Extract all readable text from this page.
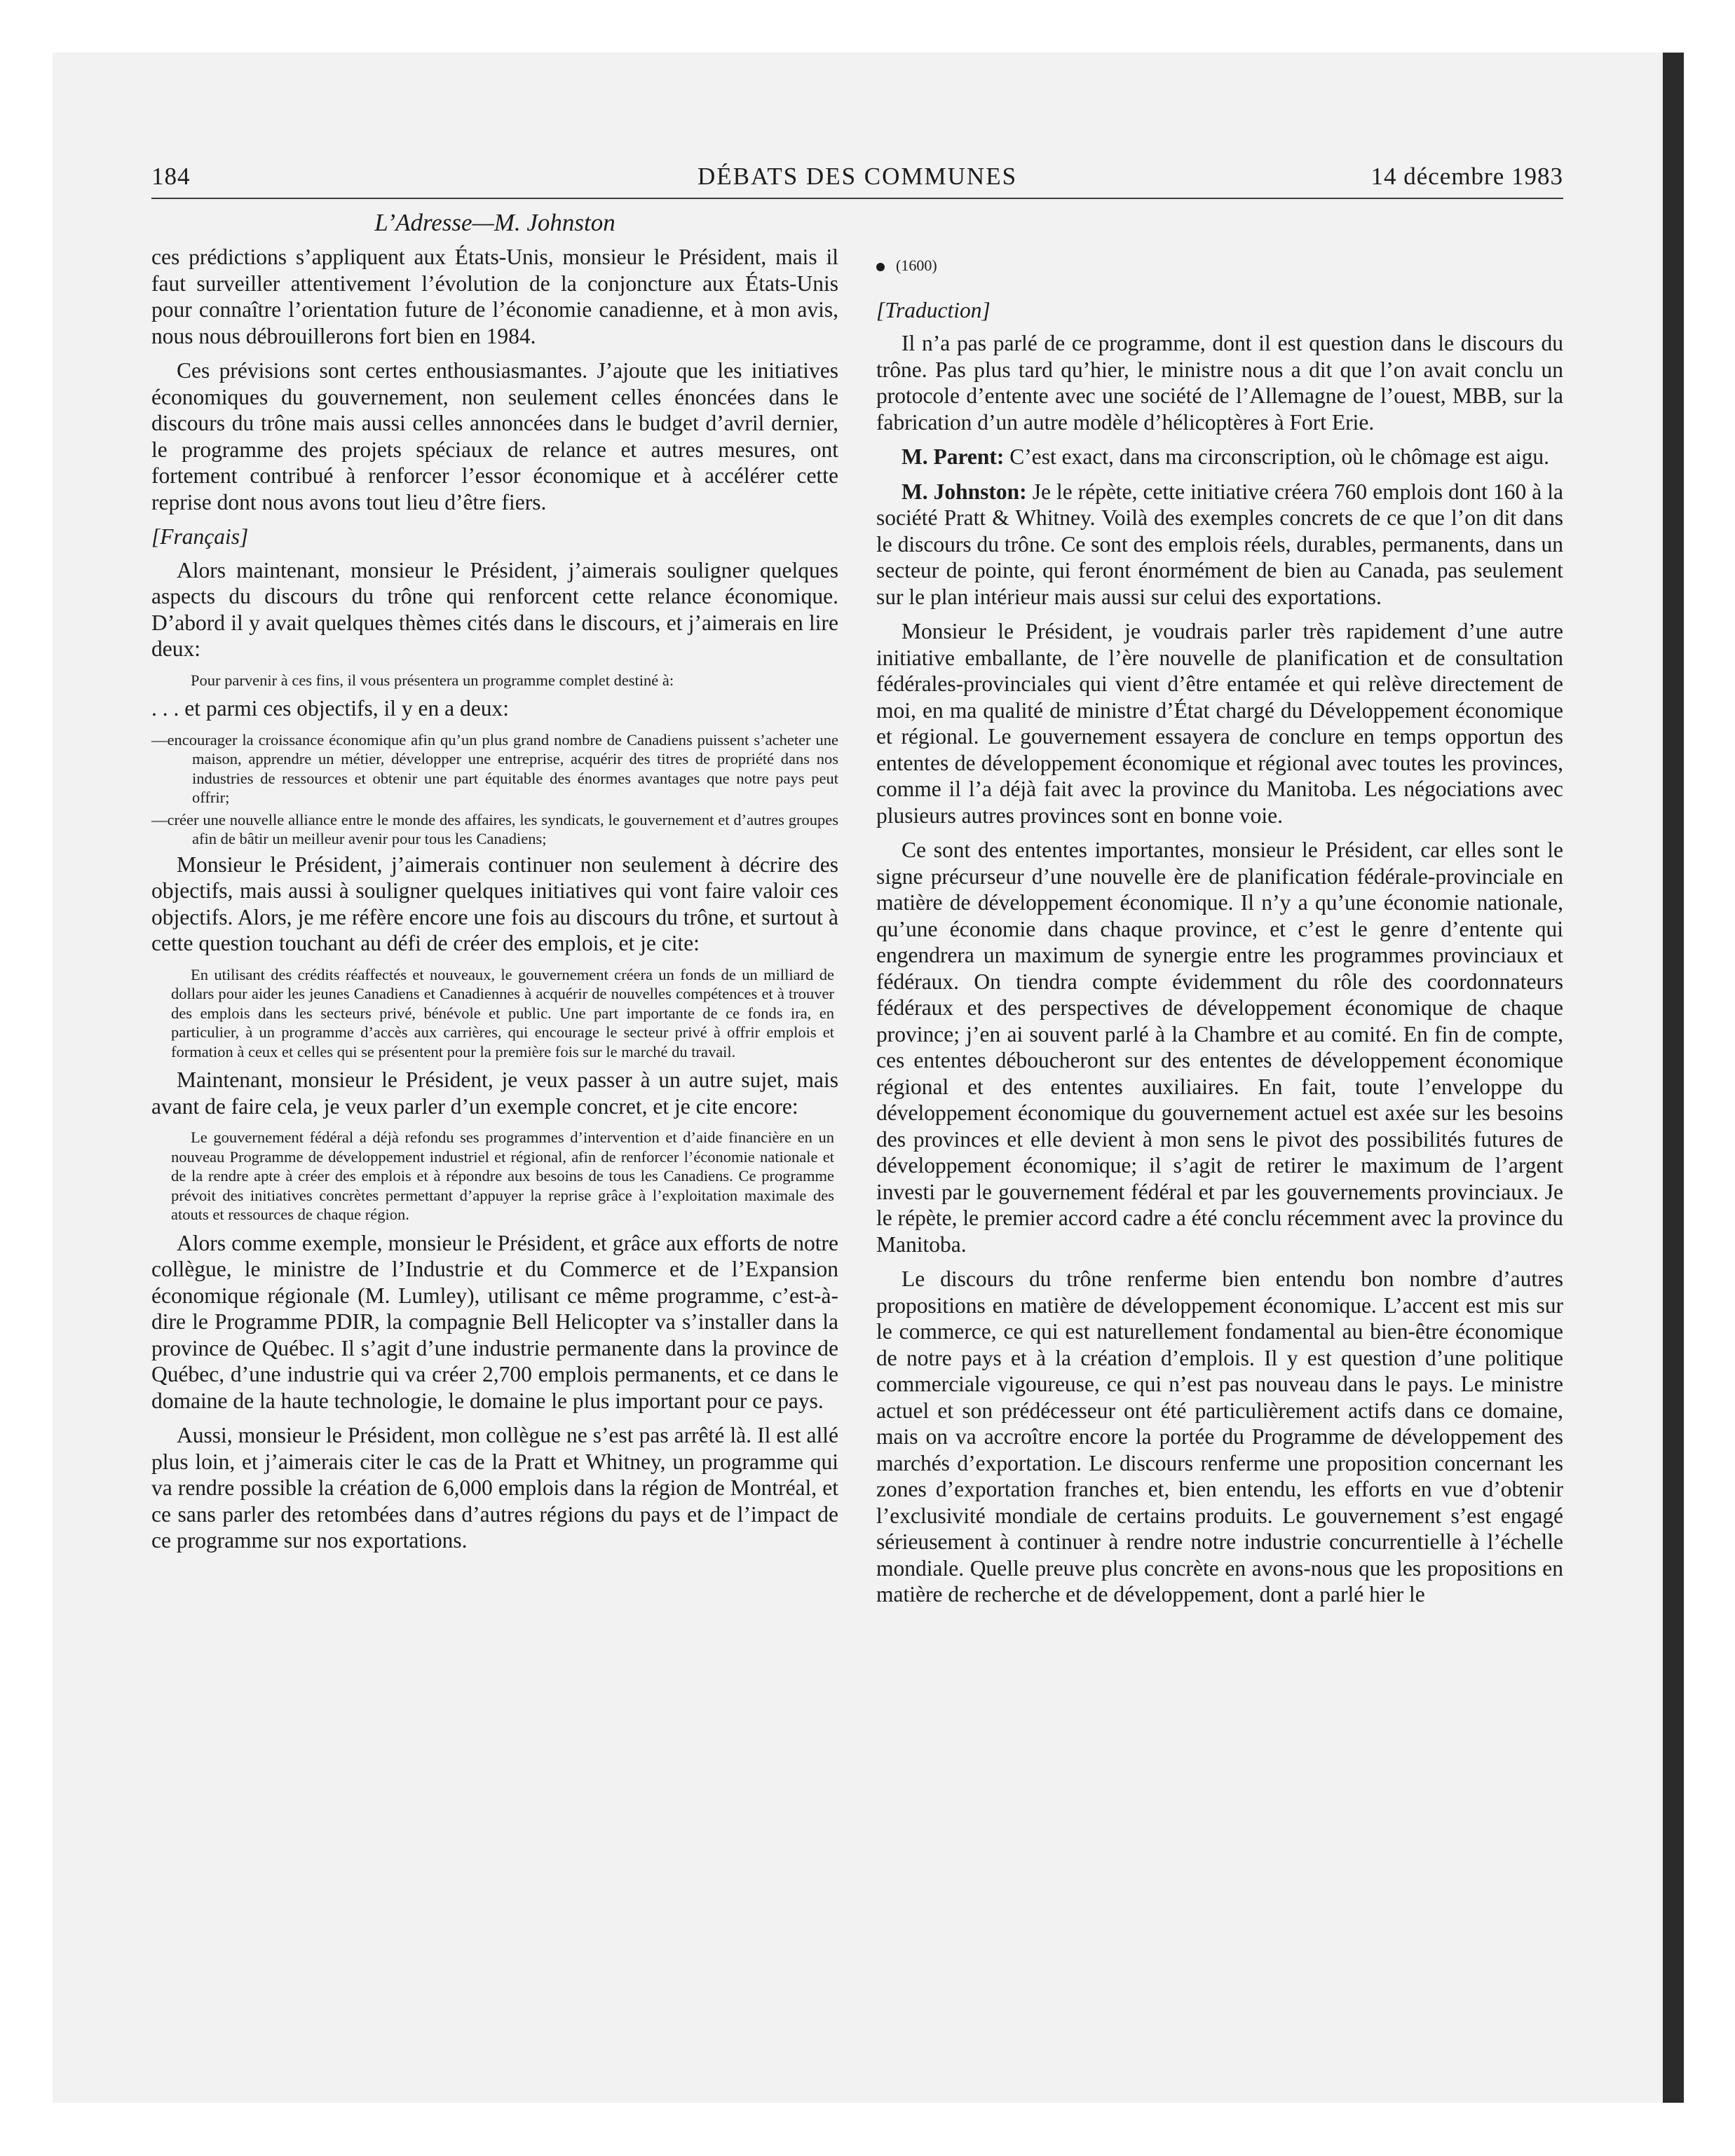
184	DÉBATS DES COMMUNES	14 décembre 1983
L’Adresse—M. Johnston

ces prédictions s’appliquent aux États-Unis, monsieur le Président, mais il faut surveiller attentivement l’évolution de la conjoncture aux États-Unis pour connaître l’orientation future de l’économie canadienne, et à mon avis, nous nous débrouillerons fort bien en 1984.

Ces prévisions sont certes enthousiasmantes. J’ajoute que les initiatives économiques du gouvernement, non seulement celles énoncées dans le discours du trône mais aussi celles annoncées dans le budget d’avril dernier, le programme des projets spéciaux de relance et autres mesures, ont fortement contribué à renforcer l’essor économique et à accélérer cette reprise dont nous avons tout lieu d’être fiers.

[Français]

Alors maintenant, monsieur le Président, j’aimerais souligner quelques aspects du discours du trône qui renforcent cette relance économique. D’abord il y avait quelques thèmes cités dans le discours, et j’aimerais en lire deux:

Pour parvenir à ces fins, il vous présentera un programme complet destiné à:

. . . et parmi ces objectifs, il y en a deux:

—encourager la croissance économique afin qu’un plus grand nombre de Canadiens puissent s’acheter une maison, apprendre un métier, développer une entreprise, acquérir des titres de propriété dans nos industries de ressources et obtenir une part équitable des énormes avantages que notre pays peut offrir;

—créer une nouvelle alliance entre le monde des affaires, les syndicats, le gouvernement et d’autres groupes afin de bâtir un meilleur avenir pour tous les Canadiens;

Monsieur le Président, j’aimerais continuer non seulement à décrire des objectifs, mais aussi à souligner quelques initiatives qui vont faire valoir ces objectifs. Alors, je me réfère encore une fois au discours du trône, et surtout à cette question touchant au défi de créer des emplois, et je cite:

En utilisant des crédits réaffectés et nouveaux, le gouvernement créera un fonds de un milliard de dollars pour aider les jeunes Canadiens et Canadiennes à acquérir de nouvelles compétences et à trouver des emplois dans les secteurs privé, bénévole et public. Une part importante de ce fonds ira, en particulier, à un programme d’accès aux carrières, qui encourage le secteur privé à offrir emplois et formation à ceux et celles qui se présentent pour la première fois sur le marché du travail.

Maintenant, monsieur le Président, je veux passer à un autre sujet, mais avant de faire cela, je veux parler d’un exemple concret, et je cite encore:

Le gouvernement fédéral a déjà refondu ses programmes d’intervention et d’aide financière en un nouveau Programme de développement industriel et régional, afin de renforcer l’économie nationale et de la rendre apte à créer des emplois et à répondre aux besoins de tous les Canadiens. Ce programme prévoit des initiatives concrètes permettant d’appuyer la reprise grâce à l’exploitation maximale des atouts et ressources de chaque région.

Alors comme exemple, monsieur le Président, et grâce aux efforts de notre collègue, le ministre de l’Industrie et du Commerce et de l’Expansion économique régionale (M. Lumley), utilisant ce même programme, c’est-à-dire le Programme PDIR, la compagnie Bell Helicopter va s’installer dans la province de Québec. Il s’agit d’une industrie permanente dans la province de Québec, d’une industrie qui va créer 2,700 emplois permanents, et ce dans le domaine de la haute technologie, le domaine le plus important pour ce pays.

Aussi, monsieur le Président, mon collègue ne s’est pas arrêté là. Il est allé plus loin, et j’aimerais citer le cas de la Pratt et Whitney, un programme qui va rendre possible la création de 6,000 emplois dans la région de Montréal, et ce sans parler des retombées dans d’autres régions du pays et de l’impact de ce programme sur nos exportations.

(1600)

[Traduction]

Il n’a pas parlé de ce programme, dont il est question dans le discours du trône. Pas plus tard qu’hier, le ministre nous a dit que l’on avait conclu un protocole d’entente avec une société de l’Allemagne de l’ouest, MBB, sur la fabrication d’un autre modèle d’hélicoptères à Fort Erie.

M. Parent: C’est exact, dans ma circonscription, où le chômage est aigu.

M. Johnston: Je le répète, cette initiative créera 760 emplois dont 160 à la société Pratt & Whitney. Voilà des exemples concrets de ce que l’on dit dans le discours du trône. Ce sont des emplois réels, durables, permanents, dans un secteur de pointe, qui feront énormément de bien au Canada, pas seulement sur le plan intérieur mais aussi sur celui des exportations.

Monsieur le Président, je voudrais parler très rapidement d’une autre initiative emballante, de l’ère nouvelle de planification et de consultation fédérales-provinciales qui vient d’être entamée et qui relève directement de moi, en ma qualité de ministre d’État chargé du Développement économique et régional. Le gouvernement essayera de conclure en temps opportun des ententes de développement économique et régional avec toutes les provinces, comme il l’a déjà fait avec la province du Manitoba. Les négociations avec plusieurs autres provinces sont en bonne voie.

Ce sont des ententes importantes, monsieur le Président, car elles sont le signe précurseur d’une nouvelle ère de planification fédérale-provinciale en matière de développement économique. Il n’y a qu’une économie nationale, qu’une économie dans chaque province, et c’est le genre d’entente qui engendrera un maximum de synergie entre les programmes provinciaux et fédéraux. On tiendra compte évidemment du rôle des coordonnateurs fédéraux et des perspectives de développement économique de chaque province; j’en ai souvent parlé à la Chambre et au comité. En fin de compte, ces ententes déboucheront sur des ententes de développement économique régional et des ententes auxiliaires. En fait, toute l’enveloppe du développement économique du gouvernement actuel est axée sur les besoins des provinces et elle devient à mon sens le pivot des possibilités futures de développement économique; il s’agit de retirer le maximum de l’argent investi par le gouvernement fédéral et par les gouvernements provinciaux. Je le répète, le premier accord cadre a été conclu récemment avec la province du Manitoba.

Le discours du trône renferme bien entendu bon nombre d’autres propositions en matière de développement économique. L’accent est mis sur le commerce, ce qui est naturellement fondamental au bien-être économique de notre pays et à la création d’emplois. Il y est question d’une politique commerciale vigoureuse, ce qui n’est pas nouveau dans le pays. Le ministre actuel et son prédécesseur ont été particulièrement actifs dans ce domaine, mais on va accroître encore la portée du Programme de développement des marchés d’exportation. Le discours renferme une proposition concernant les zones d’exportation franches et, bien entendu, les efforts en vue d’obtenir l’exclusivité mondiale de certains produits. Le gouvernement s’est engagé sérieusement à continuer à rendre notre industrie concurrentielle à l’échelle mondiale. Quelle preuve plus concrète en avons-nous que les propositions en matière de recherche et de développement, dont a parlé hier le
